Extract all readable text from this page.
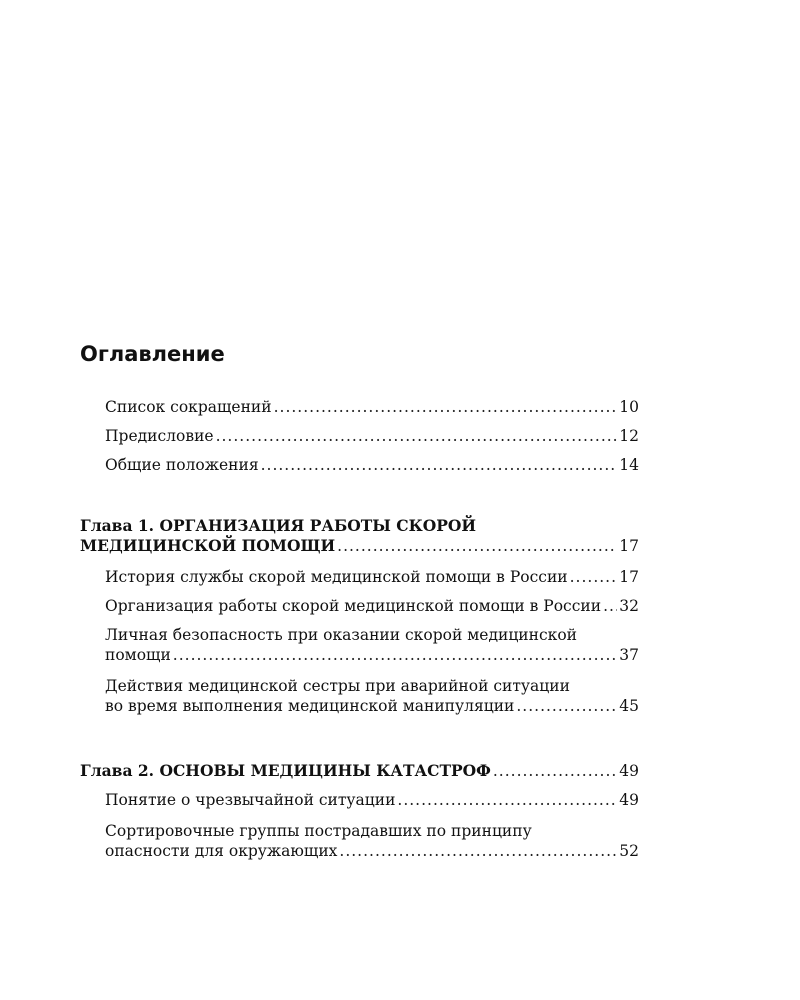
Оглавление
Список сокращений .....	10
Предисловие .....	12
Общие положения .....	14
Глава 1. ОРГАНИЗАЦИЯ РАБОТЫ СКОРОЙ
МЕДИЦИНСКОЙ ПОМОЩИ .....	17
История службы скорой медицинской помощи в России .....	17
Организация работы скорой медицинской помощи в России ..... 32
Личная безопасность при оказании скорой медицинской
помощи .....	37
Действия медицинской сестры при аварийной ситуации
во время выполнения медицинской манипуляции .....	45
Глава 2. ОСНОВЫ МЕДИЦИНЫ КАТАСТРОФ .....	49
Понятие о чрезвычайной ситуации .....	49
Сортировочные группы пострадавших по принципу
опасности для окружающих .....	52
